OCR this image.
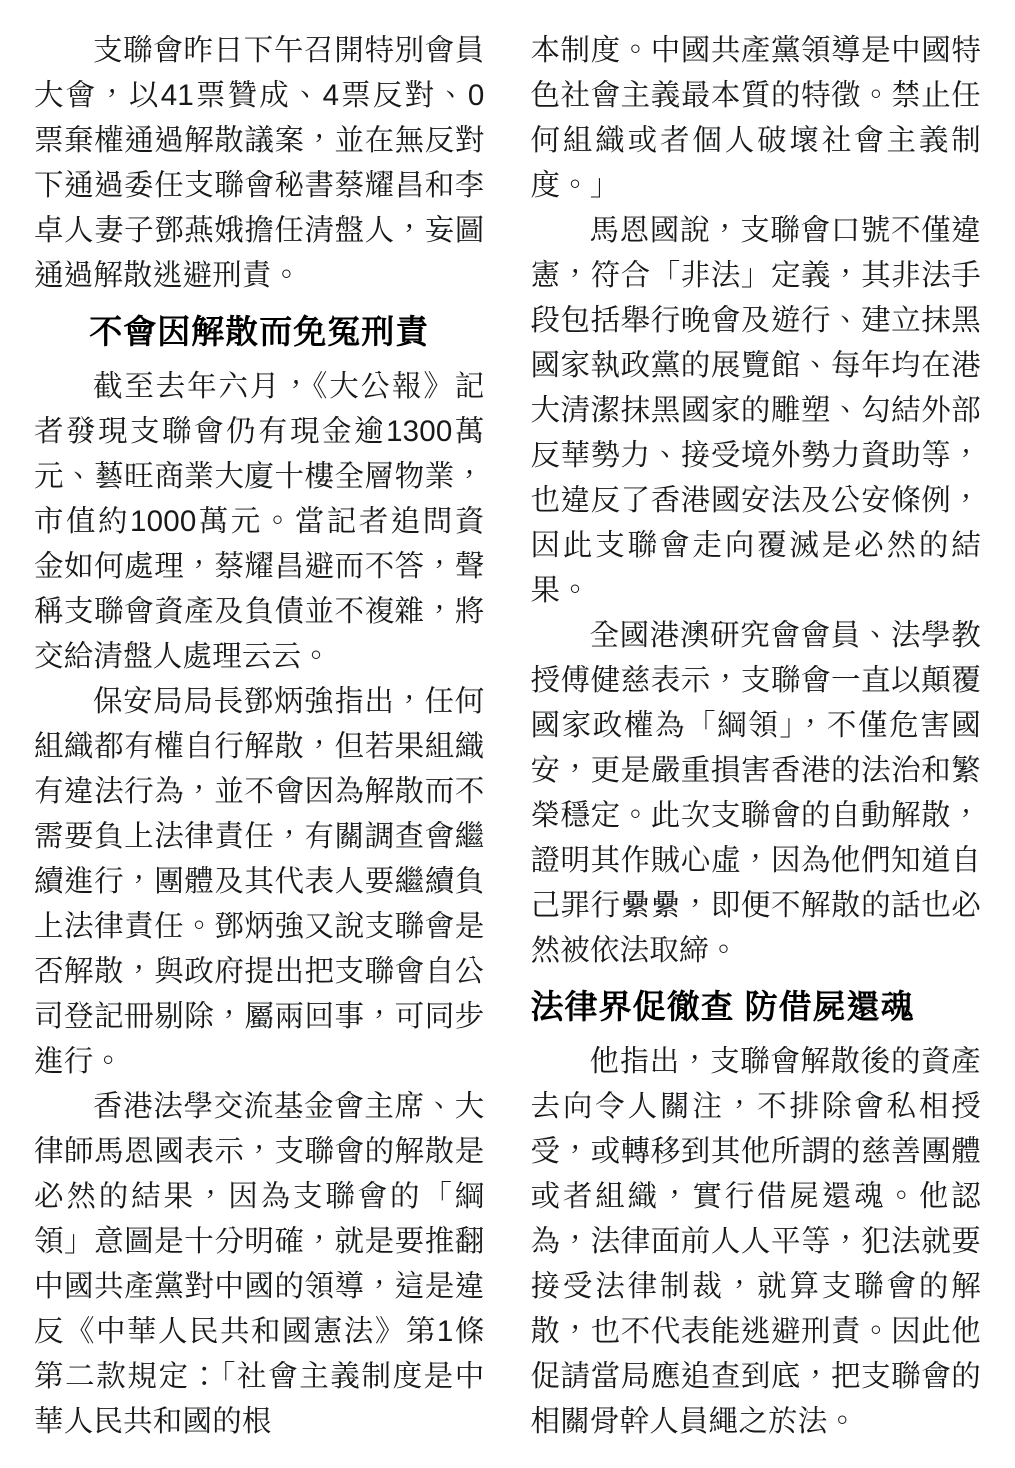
支聯會昨日下午召開特別會員大會，以41票贊成、4票反對、0票棄權通過解散議案，並在無反對下通過委任支聯會秘書蔡耀昌和李卓人妻子鄧燕娥擔任清盤人，妄圖通過解散逃避刑責。

不會因解散而免冤刑責

截至去年六月，《大公報》記者發現支聯會仍有現金逾1300萬元、藝旺商業大廈十樓全層物業，市值約1000萬元。當記者追問資金如何處理，蔡耀昌避而不答，聲稱支聯會資產及負債並不複雜，將交給清盤人處理云云。

保安局局長鄧炳強指出，任何組織都有權自行解散，但若果組織有違法行為，並不會因為解散而不需要負上法律責任，有關調查會繼續進行，團體及其代表人要繼續負上法律責任。鄧炳強又說支聯會是否解散，與政府提出把支聯會自公司登記冊剔除，屬兩回事，可同步進行。

香港法學交流基金會主席、大律師馬恩國表示，支聯會的解散是必然的結果，因為支聯會的「綱領」意圖是十分明確，就是要推翻中國共產黨對中國的領導，這是違反《中華人民共和國憲法》第1條第二款規定：「社會主義制度是中華人民共和國的根

本制度。中國共產黨領導是中國特色社會主義最本質的特徵。禁止任何組織或者個人破壞社會主義制度。」

馬恩國說，支聯會口號不僅違憲，符合「非法」定義，其非法手段包括舉行晚會及遊行、建立抹黑國家執政黨的展覽館、每年均在港大清潔抹黑國家的雕塑、勾結外部反華勢力、接受境外勢力資助等，也違反了香港國安法及公安條例，因此支聯會走向覆滅是必然的結果。

全國港澳研究會會員、法學教授傅健慈表示，支聯會一直以顛覆國家政權為「綱領」，不僅危害國安，更是嚴重損害香港的法治和繁榮穩定。此次支聯會的自動解散，證明其作賊心虛，因為他們知道自己罪行纍纍，即便不解散的話也必然被依法取締。

法律界促徹查 防借屍還魂

他指出，支聯會解散後的資產去向令人關注，不排除會私相授受，或轉移到其他所謂的慈善團體或者組織，實行借屍還魂。他認為，法律面前人人平等，犯法就要接受法律制裁，就算支聯會的解散，也不代表能逃避刑責。因此他促請當局應追查到底，把支聯會的相關骨幹人員繩之於法。
